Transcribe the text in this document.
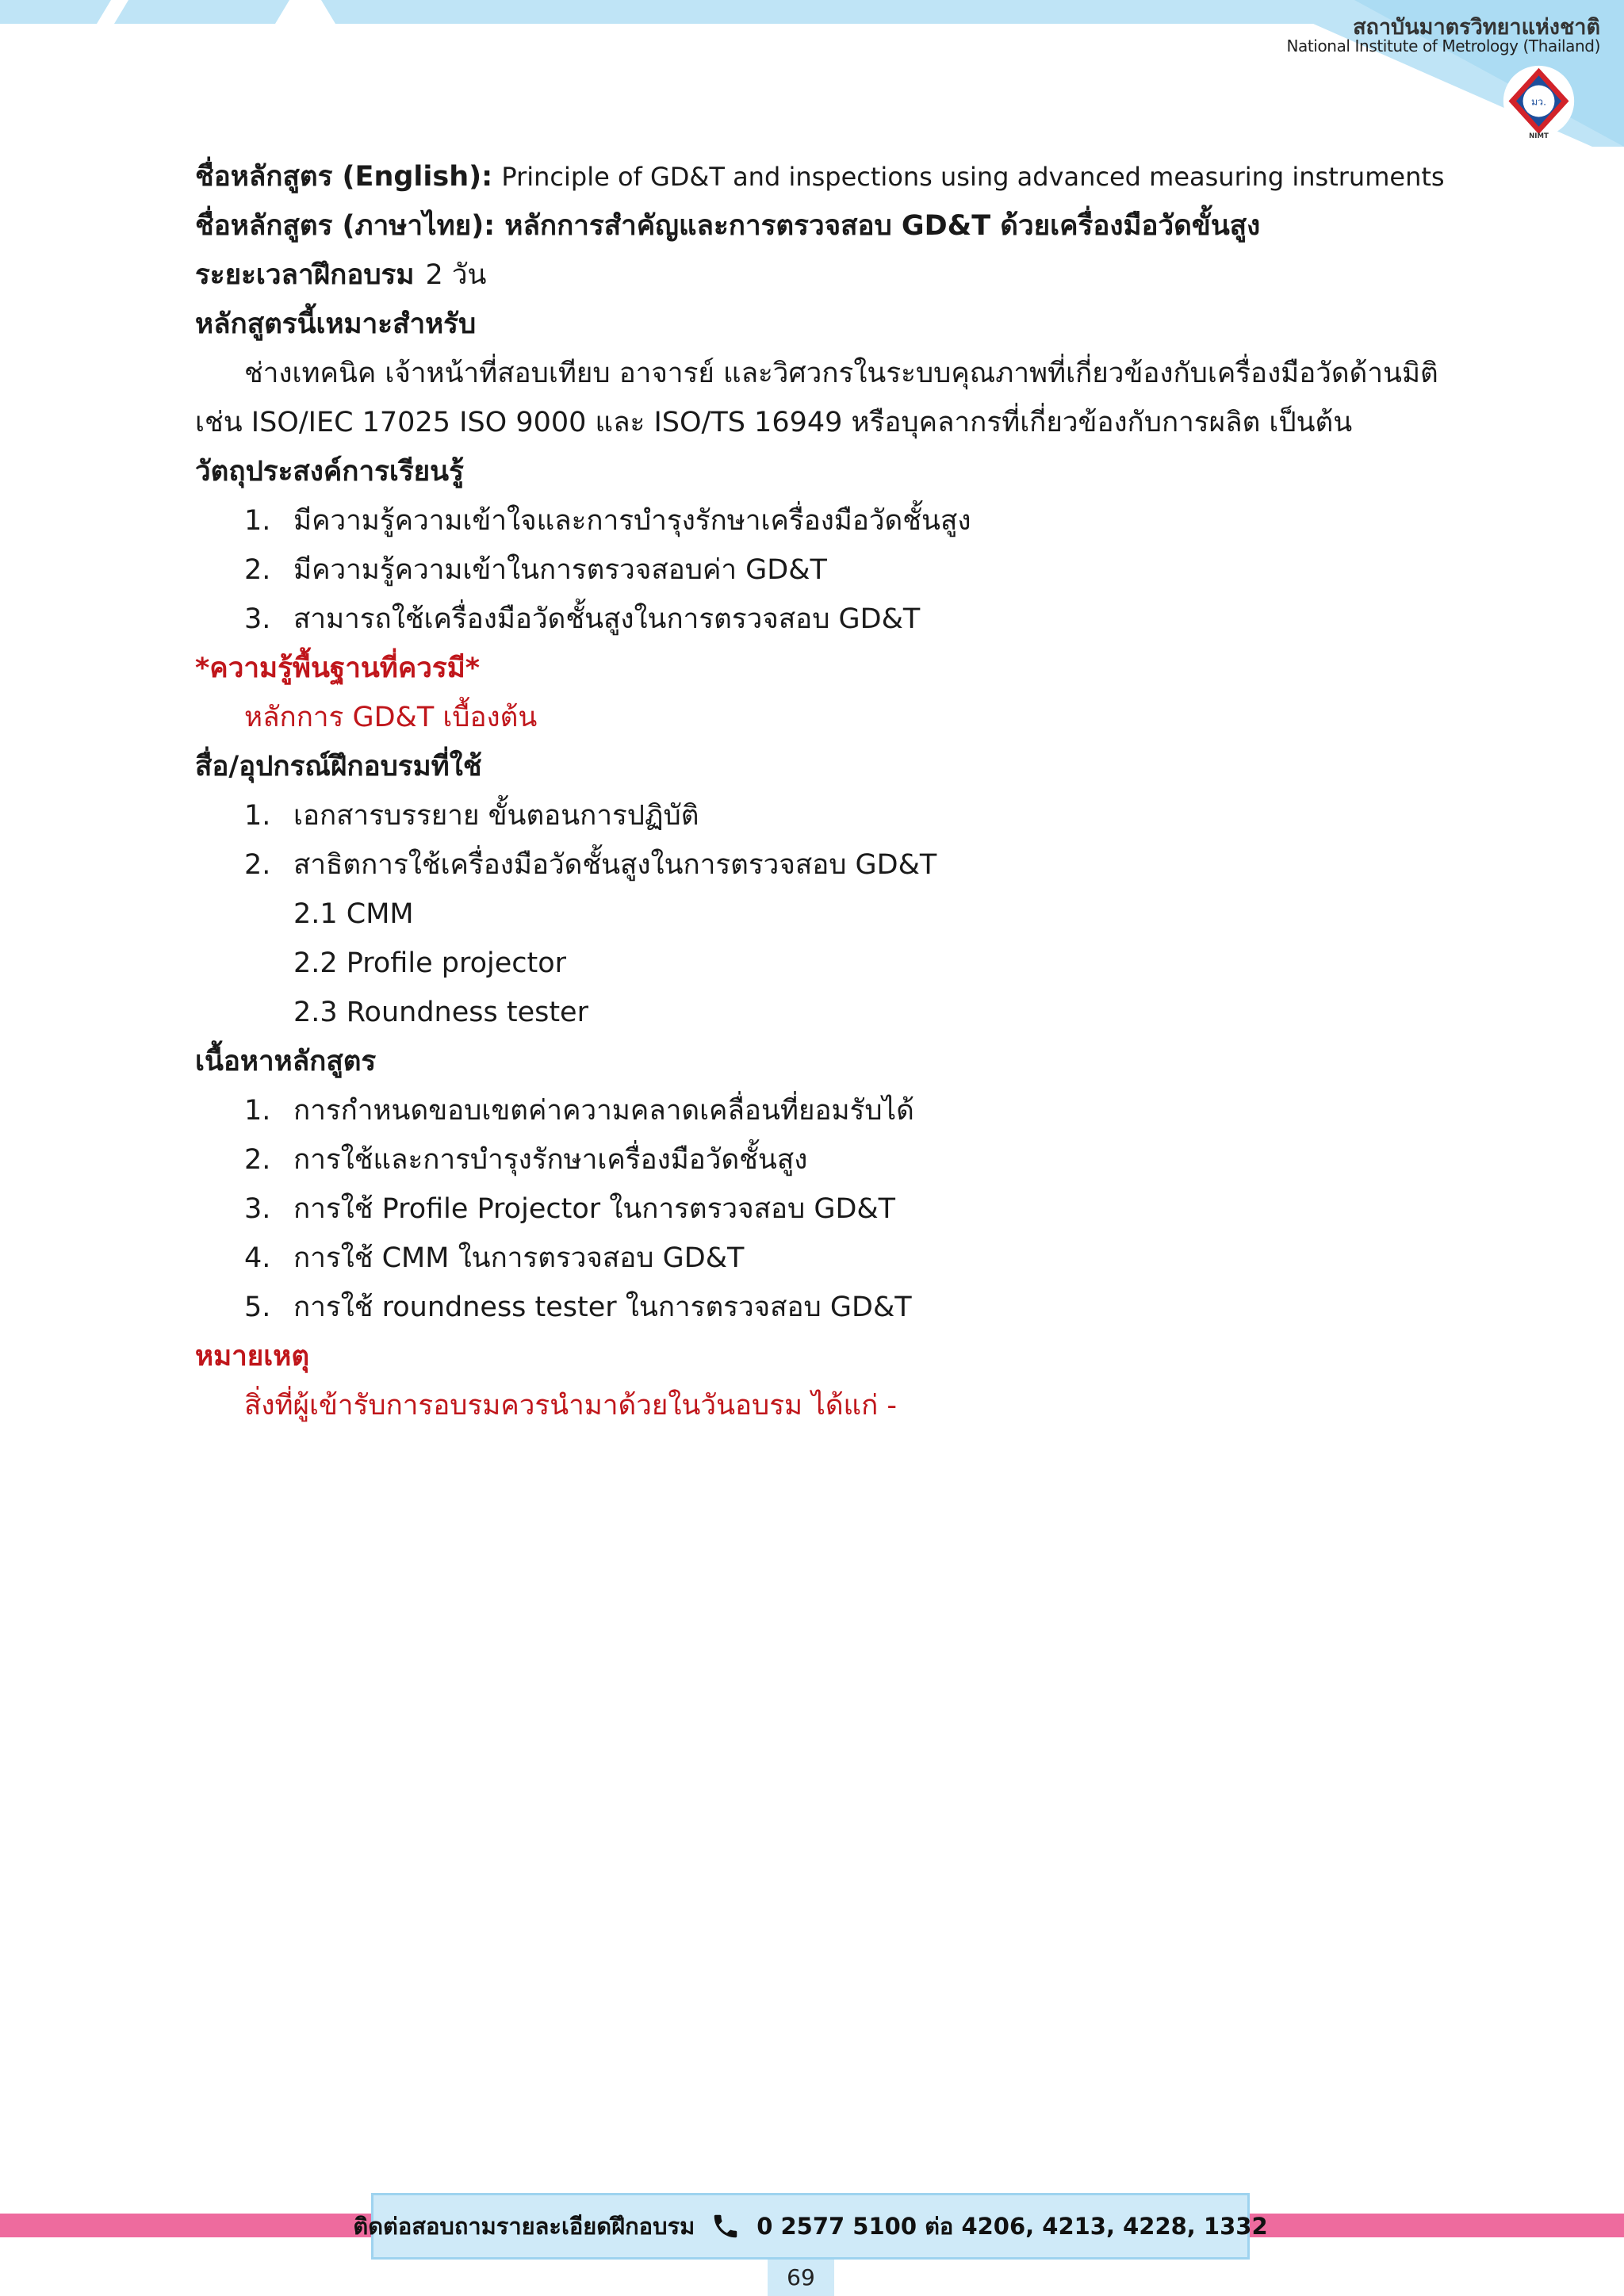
สถาบันมาตรวิทยาแห่งชาติ
National Institute of Metrology (Thailand)
มว.
NIMT
ชื่อหลักสูตร (English): Principle of GD&T and inspections using advanced measuring instruments
ชื่อหลักสูตร (ภาษาไทย): หลักการสำคัญและการตรวจสอบ GD&T ด้วยเครื่องมือวัดขั้นสูง
ระยะเวลาฝึกอบรม 2 วัน
หลักสูตรนี้เหมาะสำหรับ
ช่างเทคนิค เจ้าหน้าที่สอบเทียบ อาจารย์ และวิศวกรในระบบคุณภาพที่เกี่ยวข้องกับเครื่องมือวัดด้านมิติ
เช่น ISO/IEC 17025 ISO 9000 และ ISO/TS 16949 หรือบุคลากรที่เกี่ยวข้องกับการผลิต เป็นต้น
วัตถุประสงค์การเรียนรู้
1. มีความรู้ความเข้าใจและการบำรุงรักษาเครื่องมือวัดชั้นสูง
2. มีความรู้ความเข้าในการตรวจสอบค่า GD&T
3. สามารถใช้เครื่องมือวัดชั้นสูงในการตรวจสอบ GD&T
*ความรู้พื้นฐานที่ควรมี*
หลักการ GD&T เบื้องต้น
สื่อ/อุปกรณ์ฝึกอบรมที่ใช้
1. เอกสารบรรยาย ขั้นตอนการปฏิบัติ
2. สาธิตการใช้เครื่องมือวัดชั้นสูงในการตรวจสอบ GD&T
2.1 CMM
2.2 Profile projector
2.3 Roundness tester
เนื้อหาหลักสูตร
1. การกำหนดขอบเขตค่าความคลาดเคลื่อนที่ยอมรับได้
2. การใช้และการบำรุงรักษาเครื่องมือวัดชั้นสูง
3. การใช้ Profile Projector ในการตรวจสอบ GD&T
4. การใช้ CMM ในการตรวจสอบ GD&T
5. การใช้ roundness tester ในการตรวจสอบ GD&T
หมายเหตุ
สิ่งที่ผู้เข้ารับการอบรมควรนำมาด้วยในวันอบรม ได้แก่ -
ติดต่อสอบถามรายละเอียดฝึกอบรม	0 2577 5100 ต่อ 4206, 4213, 4228, 1332
69
